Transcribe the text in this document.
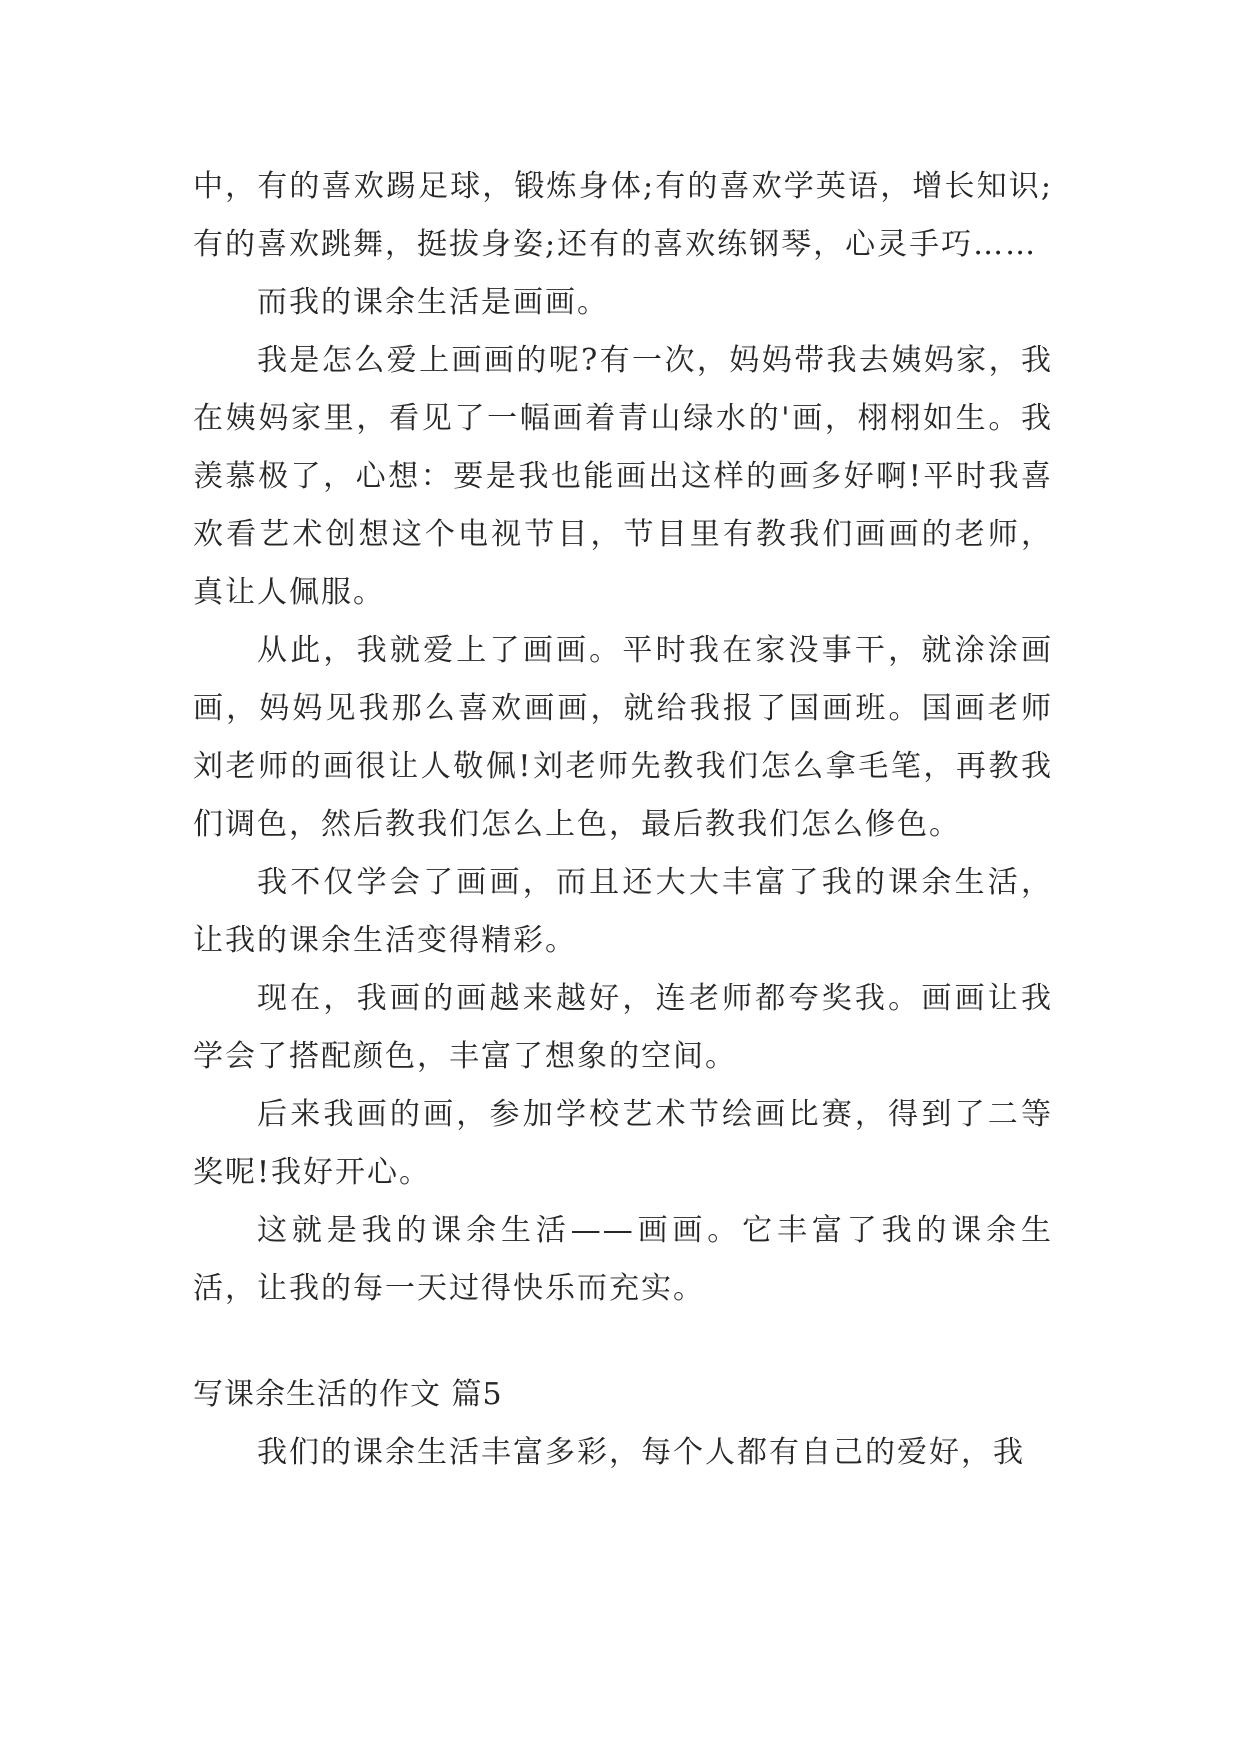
中，有的喜欢踢足球，锻炼身体;有的喜欢学英语，增长知识;有的喜欢跳舞，挺拔身姿;还有的喜欢练钢琴，心灵手巧……

而我的课余生活是画画。

我是怎么爱上画画的呢?有一次，妈妈带我去姨妈家，我在姨妈家里，看见了一幅画着青山绿水的'画，栩栩如生。我羡慕极了，心想：要是我也能画出这样的画多好啊!平时我喜欢看艺术创想这个电视节目，节目里有教我们画画的老师，真让人佩服。

从此，我就爱上了画画。平时我在家没事干，就涂涂画画，妈妈见我那么喜欢画画，就给我报了国画班。国画老师刘老师的画很让人敬佩!刘老师先教我们怎么拿毛笔，再教我们调色，然后教我们怎么上色，最后教我们怎么修色。

我不仅学会了画画，而且还大大丰富了我的课余生活，让我的课余生活变得精彩。

现在，我画的画越来越好，连老师都夸奖我。画画让我学会了搭配颜色，丰富了想象的空间。

后来我画的画，参加学校艺术节绘画比赛，得到了二等奖呢!我好开心。

这就是我的课余生活——画画。它丰富了我的课余生活，让我的每一天过得快乐而充实。

写课余生活的作文 篇5

我们的课余生活丰富多彩，每个人都有自己的爱好，我
